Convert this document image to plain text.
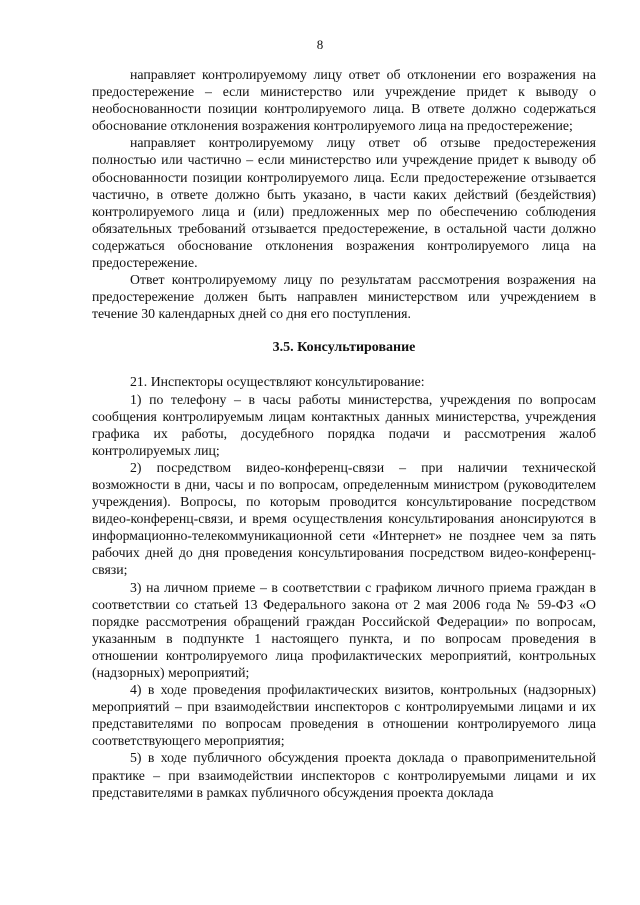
8

направляет контролируемому лицу ответ об отклонении его возражения на предостережение – если министерство или учреждение придет к выводу о необоснованности позиции контролируемого лица. В ответе должно содержаться обоснование отклонения возражения контролируемого лица на предостережение;

направляет контролируемому лицу ответ об отзыве предостережения полностью или частично – если министерство или учреждение придет к выводу об обоснованности позиции контролируемого лица. Если предостережение отзывается частично, в ответе должно быть указано, в части каких действий (бездействия) контролируемого лица и (или) предложенных мер по обеспечению соблюдения обязательных требований отзывается предостережение, в остальной части должно содержаться обоснование отклонения возражения контролируемого лица на предостережение.

Ответ контролируемому лицу по результатам рассмотрения возражения на предостережение должен быть направлен министерством или учреждением в течение 30 календарных дней со дня его поступления.

3.5. Консультирование

21. Инспекторы осуществляют консультирование:

1) по телефону – в часы работы министерства, учреждения по вопросам сообщения контролируемым лицам контактных данных министерства, учреждения графика их работы, досудебного порядка подачи и рассмотрения жалоб контролируемых лиц;

2) посредством видео-конференц-связи – при наличии технической возможности в дни, часы и по вопросам, определенным министром (руководителем учреждения). Вопросы, по которым проводится консультирование посредством видео-конференц-связи, и время осуществления консультирования анонсируются в информационно-телекоммуникационной сети «Интернет» не позднее чем за пять рабочих дней до дня проведения консультирования посредством видео-конференц-связи;

3) на личном приеме – в соответствии с графиком личного приема граждан в соответствии со статьей 13 Федерального закона от 2 мая 2006 года № 59-ФЗ «О порядке рассмотрения обращений граждан Российской Федерации» по вопросам, указанным в подпункте 1 настоящего пункта, и по вопросам проведения в отношении контролируемого лица профилактических мероприятий, контрольных (надзорных) мероприятий;

4) в ходе проведения профилактических визитов, контрольных (надзорных) мероприятий – при взаимодействии инспекторов с контролируемыми лицами и их представителями по вопросам проведения в отношении контролируемого лица соответствующего мероприятия;

5) в ходе публичного обсуждения проекта доклада о правоприменительной практике – при взаимодействии инспекторов с контролируемыми лицами и их представителями в рамках публичного обсуждения проекта доклада
